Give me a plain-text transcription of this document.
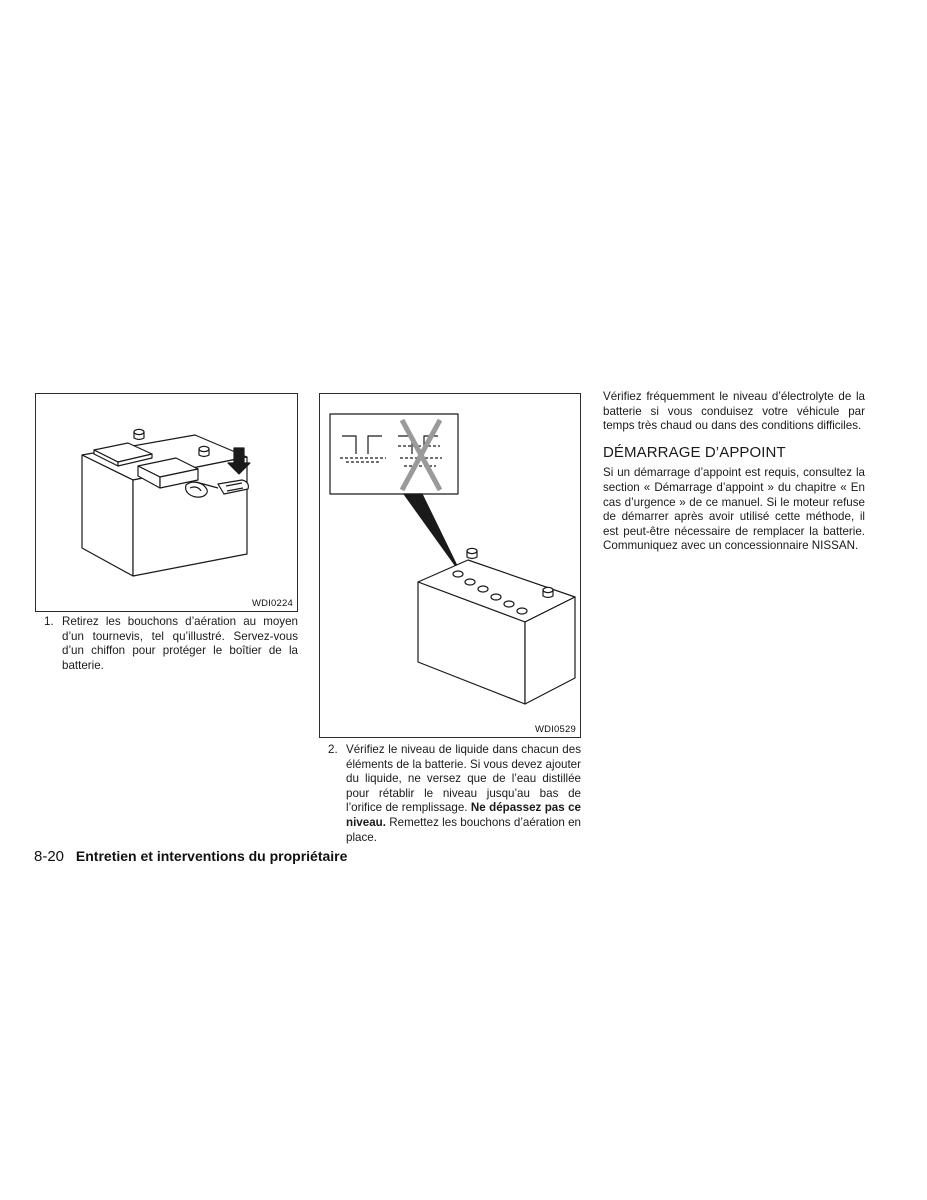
WDI0224
1. Retirez les bouchons d’aération au moyen d’un tournevis, tel qu’illustré. Servez-vous d’un chiffon pour protéger le boîtier de la batterie.
WDI0529
2. Vérifiez le niveau de liquide dans chacun des éléments de la batterie. Si vous devez ajouter du liquide, ne versez que de l’eau distillée pour rétablir le niveau jusqu’au bas de l’orifice de remplissage. Ne dépassez pas ce niveau. Remettez les bouchons d’aération en place.

Vérifiez fréquemment le niveau d’électrolyte de la batterie si vous conduisez votre véhicule par temps très chaud ou dans des conditions difficiles.

DÉMARRAGE D’APPOINT

Si un démarrage d’appoint est requis, consultez la section « Démarrage d’appoint » du chapitre « En cas d’urgence » de ce manuel. Si le moteur refuse de démarrer après avoir utilisé cette méthode, il est peut-être nécessaire de remplacer la batterie. Communiquez avec un concessionnaire NISSAN.

8-20 Entretien et interventions du propriétaire
